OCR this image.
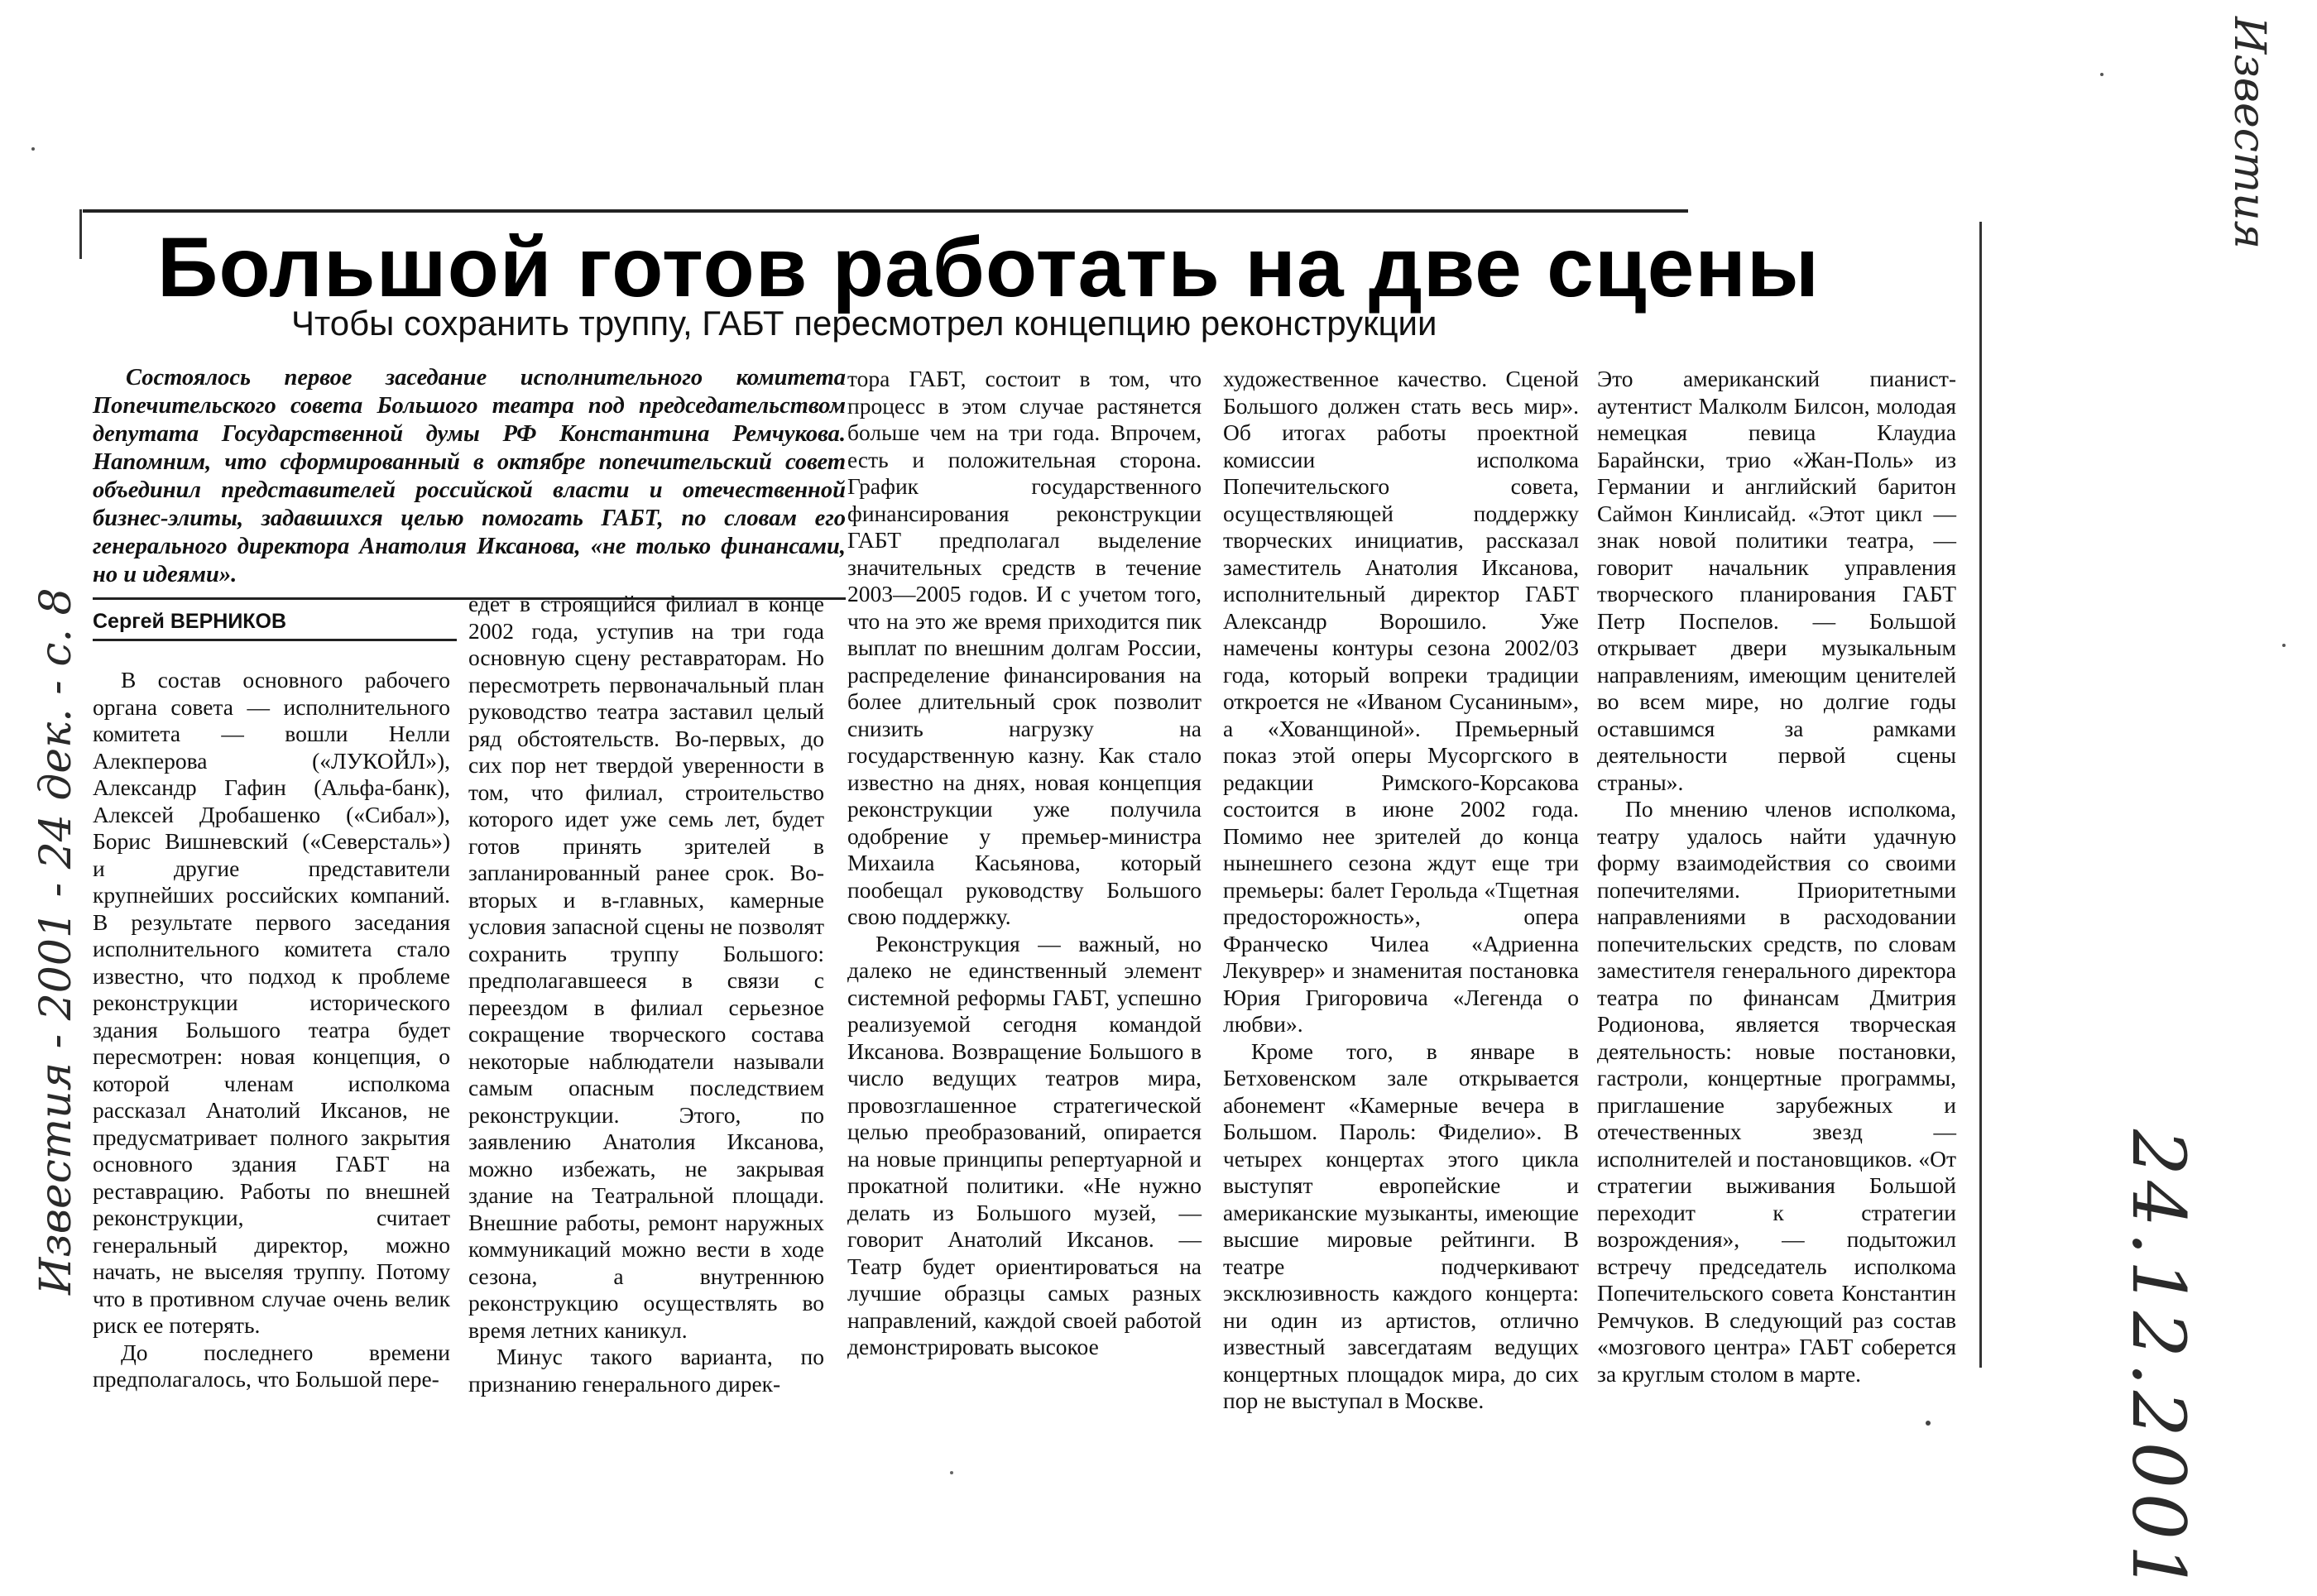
Большой готов работать на две сцены
Чтобы сохранить труппу, ГАБТ пересмотрел концепцию реконструкции

Состоялось первое заседание исполнительного комитета Попечительского совета Большого театра под председательством депутата Государственной думы РФ Константина Ремчукова. Напомним, что сформированный в октябре попечительский совет объединил представителей российской власти и отечественной бизнес-элиты, задавшихся целью помогать ГАБТ, по словам его генерального директора Анатолия Иксанова, «не только финансами, но и идеями».

Сергей ВЕРНИКОВ

В состав основного рабочего органа совета — исполнительного комитета — вошли Нелли Алекперова («ЛУКОЙЛ»), Александр Гафин (Альфа-банк), Алексей Дробашенко («Сибал»), Борис Вишневский («Северсталь») и другие представители крупнейших российских компаний. В результате первого заседания исполнительного комитета стало известно, что подход к проблеме реконструкции исторического здания Большого театра будет пересмотрен: новая концепция, о которой членам исполкома рассказал Анатолий Иксанов, не предусматривает полного закрытия основного здания ГАБТ на реставрацию. Работы по внешней реконструкции, считает генеральный директор, можно начать, не выселяя труппу. Потому что в противном случае очень велик риск ее потерять.

До последнего времени предполагалось, что Большой пере-

едет в строящийся филиал в конце 2002 года, уступив на три года основную сцену реставраторам. Но пересмотреть первоначальный план руководство театра заставил целый ряд обстоятельств. Во-первых, до сих пор нет твердой уверенности в том, что филиал, строительство которого идет уже семь лет, будет готов принять зрителей в запланированный ранее срок. Во-вторых и в-главных, камерные условия запасной сцены не позволят сохранить труппу Большого: предполагавшееся в связи с переездом в филиал серьезное сокращение творческого состава некоторые наблюдатели называли самым опасным последствием реконструкции. Этого, по заявлению Анатолия Иксанова, можно избежать, не закрывая здание на Театральной площади. Внешние работы, ремонт наружных коммуникаций можно вести в ходе сезона, а внутреннюю реконструкцию осуществлять во время летних каникул.

Минус такого варианта, по признанию генерального дирек-

тора ГАБТ, состоит в том, что процесс в этом случае растянется больше чем на три года. Впрочем, есть и положительная сторона. График государственного финансирования реконструкции ГАБТ предполагал выделение значительных средств в течение 2003—2005 годов. И с учетом того, что на это же время приходится пик выплат по внешним долгам России, распределение финансирования на более длительный срок позволит снизить нагрузку на государственную казну. Как стало известно на днях, новая концепция реконструкции уже получила одобрение у премьер-министра Михаила Касьянова, который пообещал руководству Большого свою поддержку.

Реконструкция — важный, но далеко не единственный элемент системной реформы ГАБТ, успешно реализуемой сегодня командой Иксанова. Возвращение Большого в число ведущих театров мира, провозглашенное стратегической целью преобразований, опирается на новые принципы репертуарной и прокатной политики. «Не нужно делать из Большого музей, — говорит Анатолий Иксанов. — Театр будет ориентироваться на лучшие образцы самых разных направлений, каждой своей работой демонстрировать высокое

художественное качество. Сценой Большого должен стать весь мир». Об итогах работы проектной комиссии исполкома Попечительского совета, осуществляющей поддержку творческих инициатив, рассказал заместитель Анатолия Иксанова, исполнительный директор ГАБТ Александр Ворошило. Уже намечены контуры сезона 2002/03 года, который вопреки традиции откроется не «Иваном Сусаниным», а «Хованщиной». Премьерный показ этой оперы Мусоргского в редакции Римского-Корсакова состоится в июне 2002 года. Помимо нее зрителей до конца нынешнего сезона ждут еще три премьеры: балет Герольда «Тщетная предосторожность», опера Франческо Чилеа «Адриенна Лекуврер» и знаменитая постановка Юрия Григоровича «Легенда о любви».

Кроме того, в январе в Бетховенском зале открывается абонемент «Камерные вечера в Большом. Пароль: Фиделио». В четырех концертах этого цикла выступят европейские и американские музыканты, имеющие высшие мировые рейтинги. В театре подчеркивают эксклюзивность каждого концерта: ни один из артистов, отлично известный завсегдатаям ведущих концертных площадок мира, до сих пор не выступал в Москве.

Это американский пианист-аутентист Малколм Билсон, молодая немецкая певица Клаудиа Барайнски, трио «Жан-Поль» из Германии и английский баритон Саймон Кинлисайд. «Этот цикл — знак новой политики театра, — говорит начальник управления творческого планирования ГАБТ Петр Поспелов. — Большой открывает двери музыкальным направлениям, имеющим ценителей во всем мире, но долгие годы оставшимся за рамками деятельности первой сцены страны».

По мнению членов исполкома, театру удалось найти удачную форму взаимодействия со своими попечителями. Приоритетными направлениями в расходовании попечительских средств, по словам заместителя генерального директора театра по финансам Дмитрия Родионова, является творческая деятельность: новые постановки, гастроли, концертные программы, приглашение зарубежных и отечественных звезд — исполнителей и постановщиков. «От стратегии выживания Большой переходит к стратегии возрождения», — подытожил встречу председатель исполкома Попечительского совета Константин Ремчуков. В следующий раз состав «мозгового центра» ГАБТ соберется за круглым столом в марте.

Известия
24.12.2001
Известия - 2001 - 24 дек. - с. 8
